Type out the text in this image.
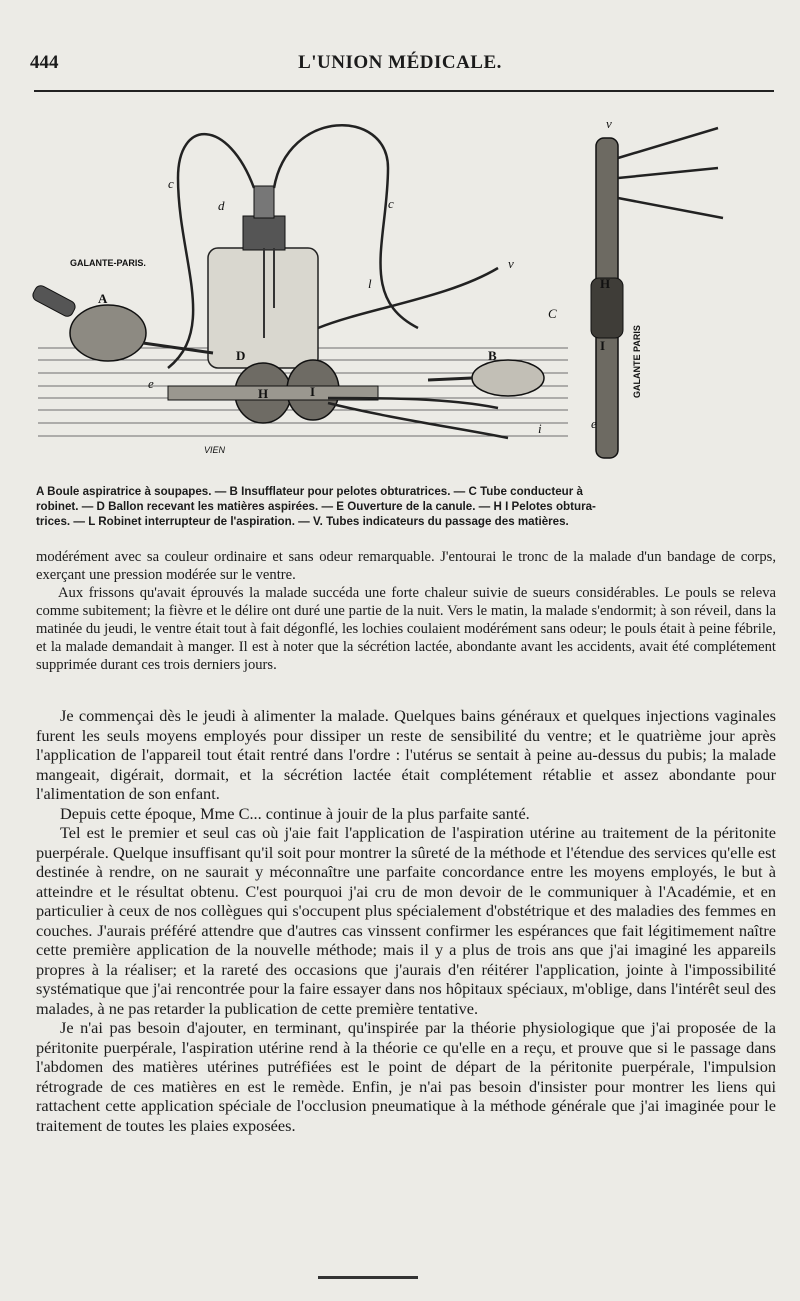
444	L'UNION MÉDICALE.
GALANTE-PARIS.
GALANTE PARIS
VIEN
A
B
D
H	I
H
I
c
d	c
l
v
C
e
i
v
e
A Boule aspiratrice à soupapes. — B Insufflateur pour pelotes obturatrices. — C Tube conducteur à
robinet. — D Ballon recevant les matières aspirées. — E Ouverture de la canule. — H I Pelotes obtura-
trices. — L Robinet interrupteur de l'aspiration. — V. Tubes indicateurs du passage des matières.

modérément avec sa couleur ordinaire et sans odeur remarquable. J'entourai le tronc de la malade d'un bandage de corps, exerçant une pression modérée sur le ventre.

Aux frissons qu'avait éprouvés la malade succéda une forte chaleur suivie de sueurs considérables. Le pouls se releva comme subitement; la fièvre et le délire ont duré une partie de la nuit. Vers le matin, la malade s'endormit; à son réveil, dans la matinée du jeudi, le ventre était tout à fait dégonflé, les lochies coulaient modérément sans odeur; le pouls était à peine fébrile, et la malade demandait à manger. Il est à noter que la sécrétion lactée, abondante avant les accidents, avait été complétement supprimée durant ces trois derniers jours.

Je commençai dès le jeudi à alimenter la malade. Quelques bains généraux et quelques injections vaginales furent les seuls moyens employés pour dissiper un reste de sensibilité du ventre; et le quatrième jour après l'application de l'appareil tout était rentré dans l'ordre : l'utérus se sentait à peine au-dessus du pubis; la malade mangeait, digérait, dormait, et la sécrétion lactée était complétement rétablie et assez abondante pour l'alimentation de son enfant.

Depuis cette époque, Mme C... continue à jouir de la plus parfaite santé.

Tel est le premier et seul cas où j'aie fait l'application de l'aspiration utérine au traitement de la péritonite puerpérale. Quelque insuffisant qu'il soit pour montrer la sûreté de la méthode et l'étendue des services qu'elle est destinée à rendre, on ne saurait y méconnaître une parfaite concordance entre les moyens employés, le but à atteindre et le résultat obtenu. C'est pourquoi j'ai cru de mon devoir de le communiquer à l'Académie, et en particulier à ceux de nos collègues qui s'occupent plus spécialement d'obstétrique et des maladies des femmes en couches. J'aurais préféré attendre que d'autres cas vinssent confirmer les espérances que fait légitimement naître cette première application de la nouvelle méthode; mais il y a plus de trois ans que j'ai imaginé les appareils propres à la réaliser; et la rareté des occasions que j'aurais d'en réitérer l'application, jointe à l'impossibilité systématique que j'ai rencontrée pour la faire essayer dans nos hôpitaux spéciaux, m'oblige, dans l'intérêt seul des malades, à ne pas retarder la publication de cette première tentative.

Je n'ai pas besoin d'ajouter, en terminant, qu'inspirée par la théorie physiologique que j'ai proposée de la péritonite puerpérale, l'aspiration utérine rend à la théorie ce qu'elle en a reçu, et prouve que si le passage dans l'abdomen des matières utérines putréfiées est le point de départ de la péritonite puerpérale, l'impulsion rétrograde de ces matières en est le remède. Enfin, je n'ai pas besoin d'insister pour montrer les liens qui rattachent cette application spéciale de l'occlusion pneumatique à la méthode générale que j'ai imaginée pour le traitement de toutes les plaies exposées.
